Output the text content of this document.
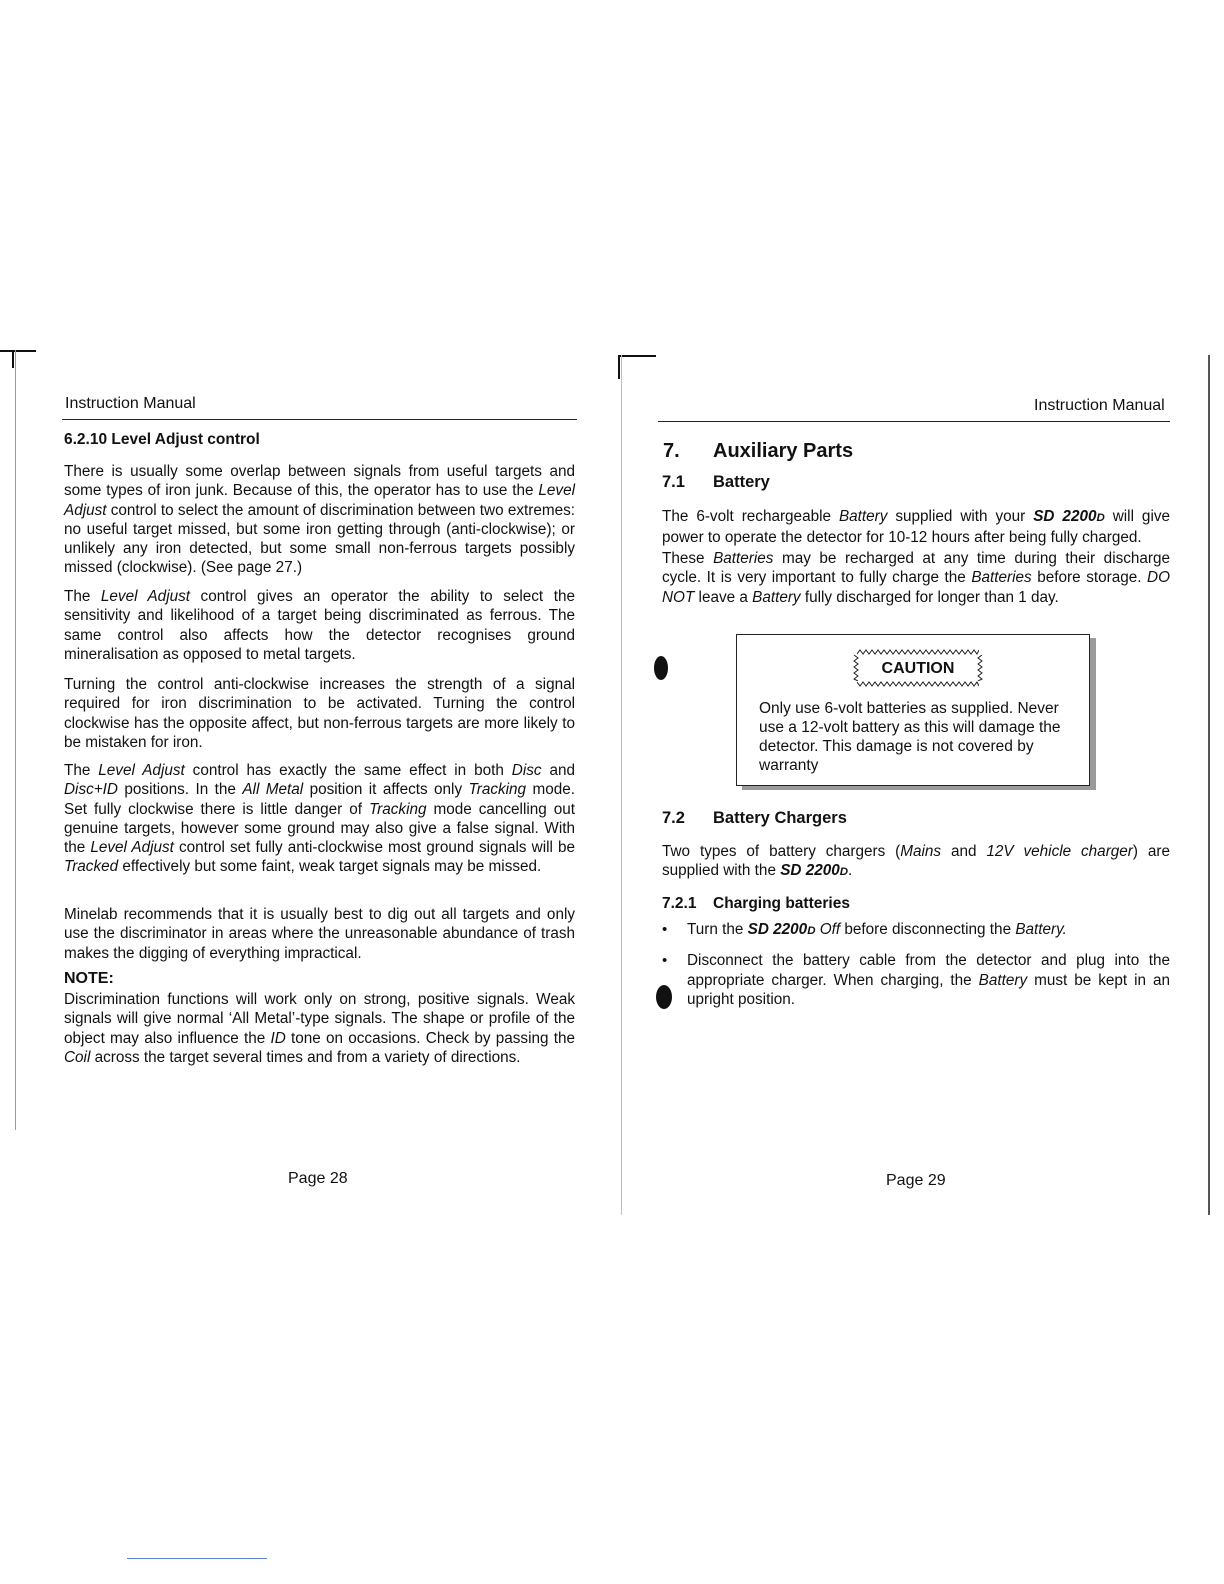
Instruction Manual
6.2.10 Level Adjust control
There is usually some overlap between signals from useful targets and some types of iron junk. Because of this, the operator has to use the Level Adjust control to select the amount of discrimination between two extremes: no useful target missed, but some iron getting through (anti-clockwise); or unlikely any iron detected, but some small non-ferrous targets possibly missed (clockwise). (See page 27.)
The Level Adjust control gives an operator the ability to select the sensitivity and likelihood of a target being discriminated as ferrous. The same control also affects how the detector recognises ground mineralisation as opposed to metal targets.
Turning the control anti-clockwise increases the strength of a signal required for iron discrimination to be activated. Turning the control clockwise has the opposite affect, but non-ferrous targets are more likely to be mistaken for iron.
The Level Adjust control has exactly the same effect in both Disc and Disc+ID positions. In the All Metal position it affects only Tracking mode. Set fully clockwise there is little danger of Tracking mode cancelling out genuine targets, however some ground may also give a false signal. With the Level Adjust control set fully anti-clockwise most ground signals will be Tracked effectively but some faint, weak target signals may be missed.
Minelab recommends that it is usually best to dig out all targets and only use the discriminator in areas where the unreasonable abundance of trash makes the digging of everything impractical.
NOTE:
Discrimination functions will work only on strong, positive signals. Weak signals will give normal ‘All Metal’-type signals. The shape or profile of the object may also influence the ID tone on occasions. Check by passing the Coil across the target several times and from a variety of directions.
Page 28
Instruction Manual
7.	Auxiliary Parts
7.1	Battery
The 6-volt rechargeable Battery supplied with your SD 2200D will give power to operate the detector for 10-12 hours after being fully charged.
These Batteries may be recharged at any time during their discharge cycle. It is very important to fully charge the Batteries before storage. DO NOT leave a Battery fully discharged for longer than 1 day.
CAUTION
Only use 6-volt batteries as supplied. Never use a 12-volt battery as this will damage the detector. This damage is not covered by warranty
7.2	Battery Chargers
Two types of battery chargers (Mains and 12V vehicle charger) are supplied with the SD 2200D.
7.2.1	Charging batteries
• Turn the SD 2200D Off before disconnecting the Battery.
• Disconnect the battery cable from the detector and plug into the appropriate charger. When charging, the Battery must be kept in an upright position.
Page 29
